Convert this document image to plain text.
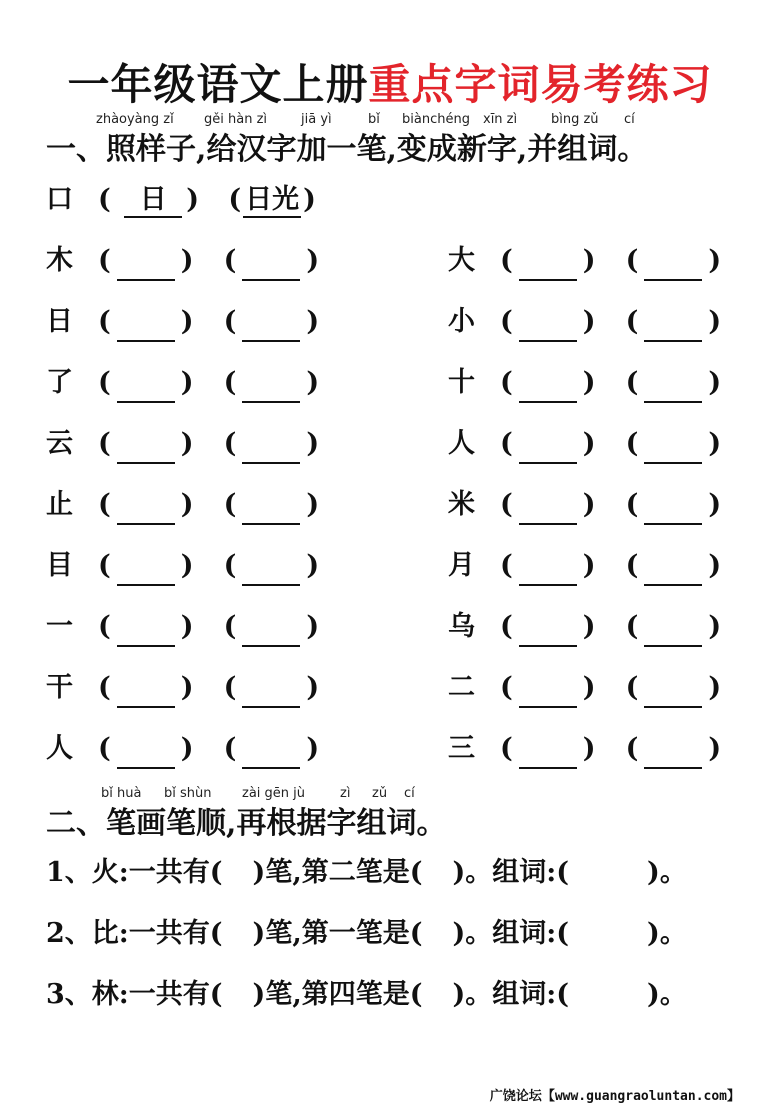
一年级语文上册重点字词易考练习
zhàoyàng zǐ gěi hàn zì	jiā yì	bǐ biànchéng xīn zì	bìng zǔ cí
一、照样子,给汉字加一笔,变成新字,并组词。
口 ( 日 ) ( 日光 )
木 (	) (	)	大 (	) (	)
日 (	) (	)	小 (	) (	)
了 (	) (	)	十 (	) (	)
云 (	) (	)	人 (	) (	)
止 (	) (	)	米 (	) (	)
目 (	) (	)	月 (	) (	)
一 (	) (	)	乌 (	) (	)
干 (	) (	)	二 (	) (	)
人 (	) (	)	三 (	) (	)
bǐ huà bǐ shùn zài gēn jù	zì zǔ cí
二、笔画笔顺,再根据字组词。
1、火:一共有( )笔,第二笔是( )。组词:(	)。
2、比:一共有( )笔,第一笔是( )。组词:(	)。
3、林:一共有( )笔,第四笔是( )。组词:(	)。
广饶论坛【www.guangraoluntan.com】
